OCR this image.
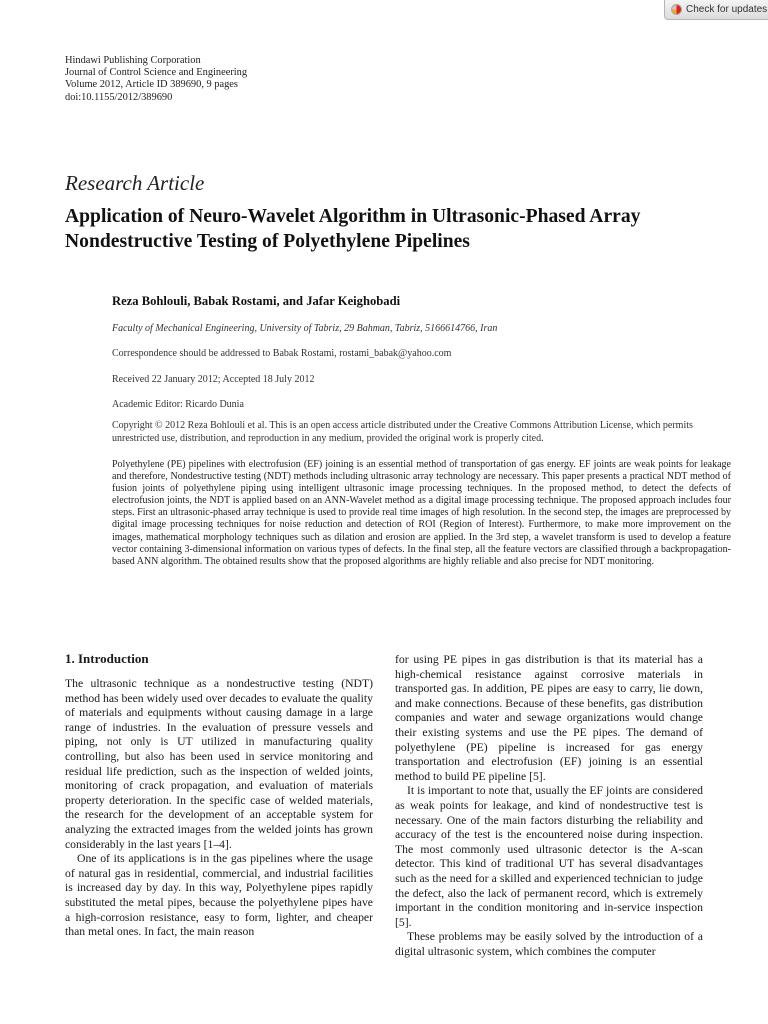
Check for updates
Hindawi Publishing Corporation
Journal of Control Science and Engineering
Volume 2012, Article ID 389690, 9 pages
doi:10.1155/2012/389690
Research Article
Application of Neuro-Wavelet Algorithm in Ultrasonic-Phased Array Nondestructive Testing of Polyethylene Pipelines
Reza Bohlouli, Babak Rostami, and Jafar Keighobadi
Faculty of Mechanical Engineering, University of Tabriz, 29 Bahman, Tabriz, 5166614766, Iran
Correspondence should be addressed to Babak Rostami, rostami_babak@yahoo.com
Received 22 January 2012; Accepted 18 July 2012
Academic Editor: Ricardo Dunia
Copyright © 2012 Reza Bohlouli et al. This is an open access article distributed under the Creative Commons Attribution License, which permits unrestricted use, distribution, and reproduction in any medium, provided the original work is properly cited.
Polyethylene (PE) pipelines with electrofusion (EF) joining is an essential method of transportation of gas energy. EF joints are weak points for leakage and therefore, Nondestructive testing (NDT) methods including ultrasonic array technology are necessary. This paper presents a practical NDT method of fusion joints of polyethylene piping using intelligent ultrasonic image processing techniques. In the proposed method, to detect the defects of electrofusion joints, the NDT is applied based on an ANN-Wavelet method as a digital image processing technique. The proposed approach includes four steps. First an ultrasonic-phased array technique is used to provide real time images of high resolution. In the second step, the images are preprocessed by digital image processing techniques for noise reduction and detection of ROI (Region of Interest). Furthermore, to make more improvement on the images, mathematical morphology techniques such as dilation and erosion are applied. In the 3rd step, a wavelet transform is used to develop a feature vector containing 3-dimensional information on various types of defects. In the final step, all the feature vectors are classified through a backpropagation-based ANN algorithm. The obtained results show that the proposed algorithms are highly reliable and also precise for NDT monitoring.
1. Introduction

The ultrasonic technique as a nondestructive testing (NDT) method has been widely used over decades to evaluate the quality of materials and equipments without causing damage in a large range of industries. In the evaluation of pressure vessels and piping, not only is UT utilized in manufacturing quality controlling, but also has been used in service monitoring and residual life prediction, such as the inspection of welded joints, monitoring of crack propagation, and evaluation of materials property deterioration. In the specific case of welded materials, the research for the development of an acceptable system for analyzing the extracted images from the welded joints has grown considerably in the last years [1–4].

One of its applications is in the gas pipelines where the usage of natural gas in residential, commercial, and industrial facilities is increased day by day. In this way, Polyethylene pipes rapidly substituted the metal pipes, because the polyethylene pipes have a high-corrosion resistance, easy to form, lighter, and cheaper than metal ones. In fact, the main reason

for using PE pipes in gas distribution is that its material has a high-chemical resistance against corrosive materials in transported gas. In addition, PE pipes are easy to carry, lie down, and make connections. Because of these benefits, gas distribution companies and water and sewage organizations would change their existing systems and use the PE pipes. The demand of polyethylene (PE) pipeline is increased for gas energy transportation and electrofusion (EF) joining is an essential method to build PE pipeline [5].

It is important to note that, usually the EF joints are considered as weak points for leakage, and kind of nondestructive test is necessary. One of the main factors disturbing the reliability and accuracy of the test is the encountered noise during inspection. The most commonly used ultrasonic detector is the A-scan detector. This kind of traditional UT has several disadvantages such as the need for a skilled and experienced technician to judge the defect, also the lack of permanent record, which is extremely important in the condition monitoring and in-service inspection [5].

These problems may be easily solved by the introduction of a digital ultrasonic system, which combines the computer
